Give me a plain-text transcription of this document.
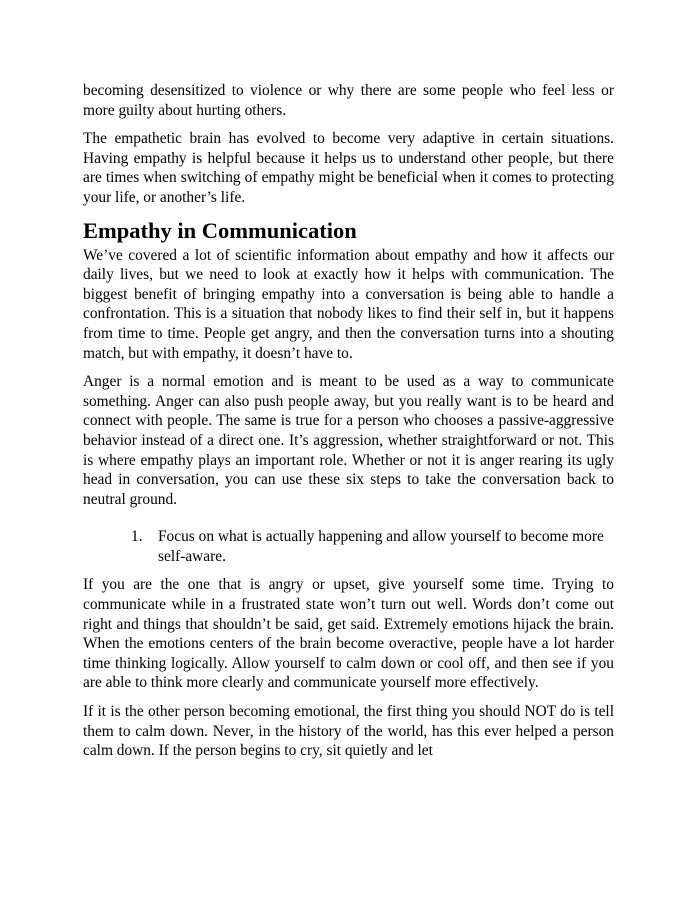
becoming desensitized to violence or why there are some people who feel less or more guilty about hurting others.

The empathetic brain has evolved to become very adaptive in certain situations. Having empathy is helpful because it helps us to understand other people, but there are times when switching of empathy might be beneficial when it comes to protecting your life, or another’s life.

Empathy in Communication

We’ve covered a lot of scientific information about empathy and how it affects our daily lives, but we need to look at exactly how it helps with communication. The biggest benefit of bringing empathy into a conversation is being able to handle a confrontation. This is a situation that nobody likes to find their self in, but it happens from time to time. People get angry, and then the conversation turns into a shouting match, but with empathy, it doesn’t have to.

Anger is a normal emotion and is meant to be used as a way to communicate something. Anger can also push people away, but you really want is to be heard and connect with people. The same is true for a person who chooses a passive-aggressive behavior instead of a direct one. It’s aggression, whether straightforward or not. This is where empathy plays an important role. Whether or not it is anger rearing its ugly head in conversation, you can use these six steps to take the conversation back to neutral ground.

1. Focus on what is actually happening and allow yourself to become more self-aware.

If you are the one that is angry or upset, give yourself some time. Trying to communicate while in a frustrated state won’t turn out well. Words don’t come out right and things that shouldn’t be said, get said. Extremely emotions hijack the brain. When the emotions centers of the brain become overactive, people have a lot harder time thinking logically. Allow yourself to calm down or cool off, and then see if you are able to think more clearly and communicate yourself more effectively.

If it is the other person becoming emotional, the first thing you should NOT do is tell them to calm down. Never, in the history of the world, has this ever helped a person calm down. If the person begins to cry, sit quietly and let
